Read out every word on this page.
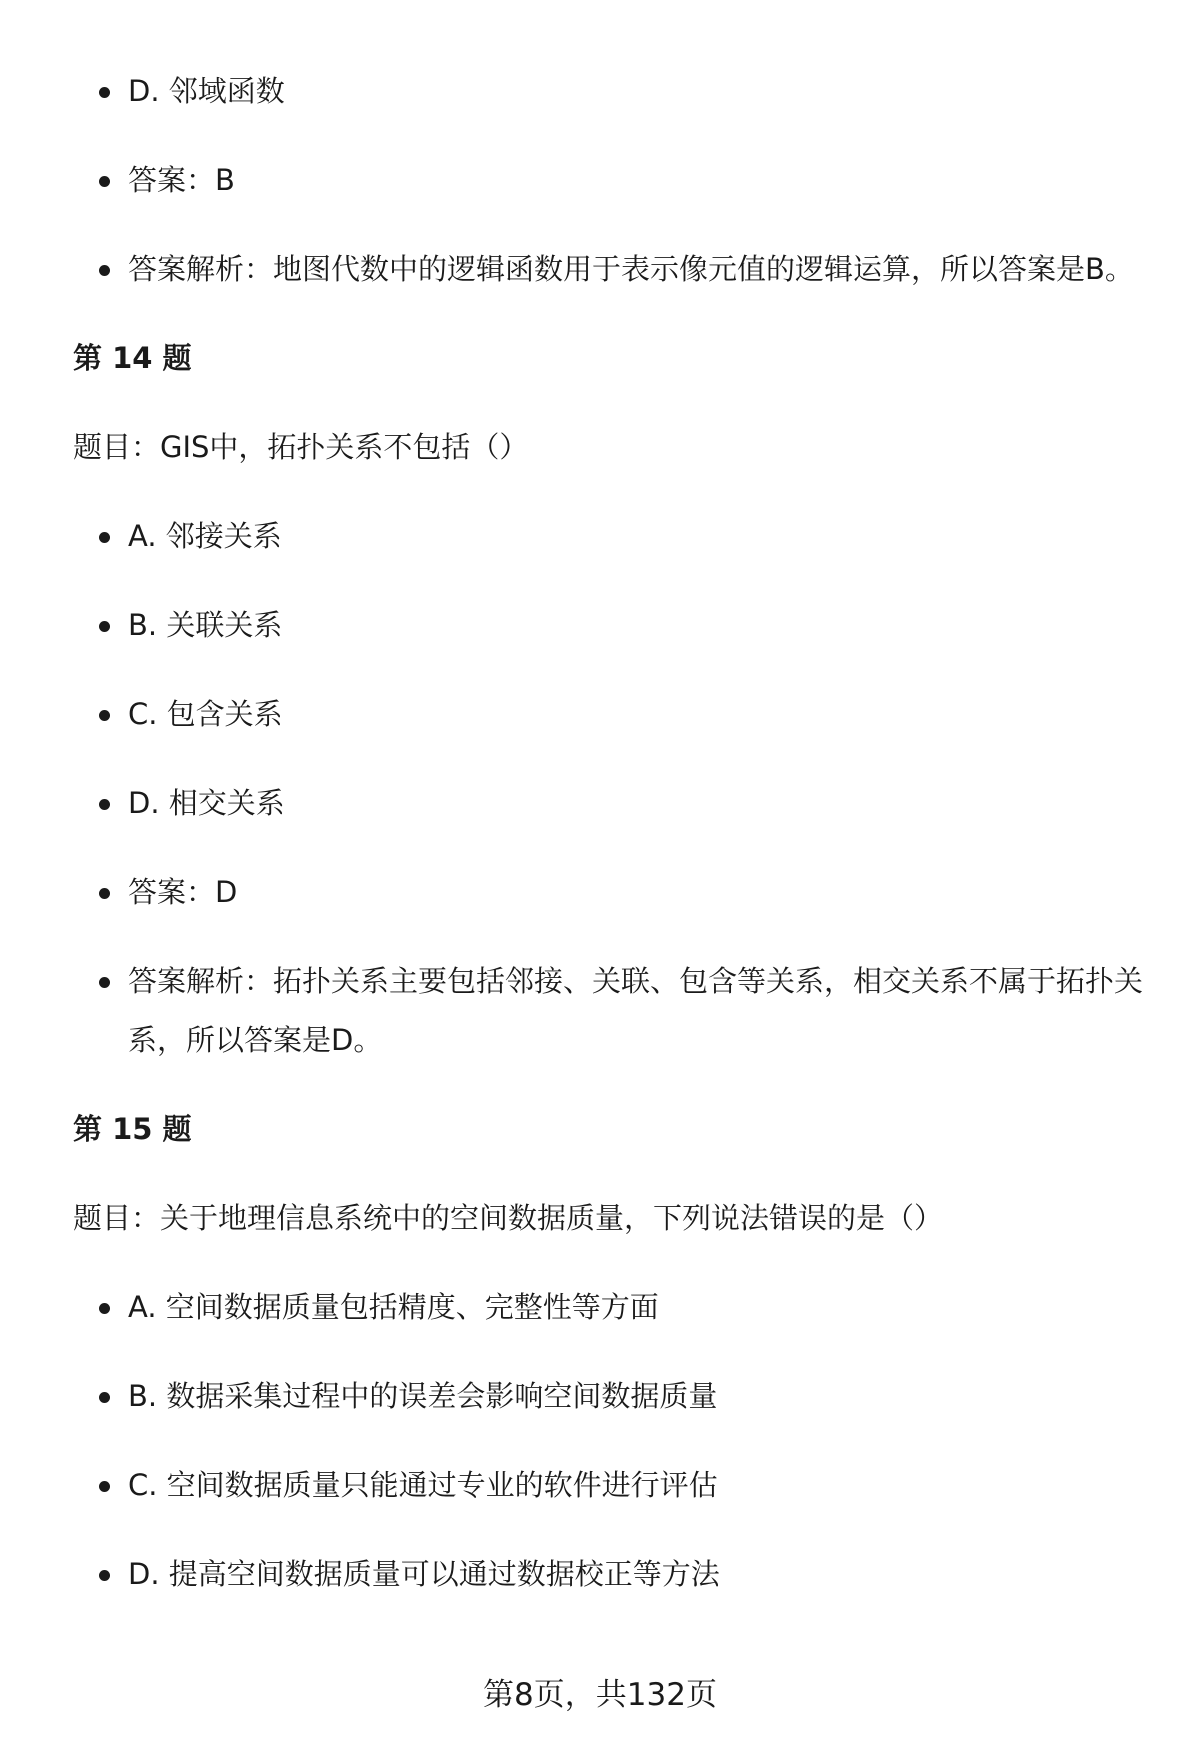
D. 邻域函数
答案：B
答案解析：地图代数中的逻辑函数用于表示像元值的逻辑运算，所以答案是B。
第 14 题
题目：GIS中，拓扑关系不包括（）
A. 邻接关系
B. 关联关系
C. 包含关系
D. 相交关系
答案：D
答案解析：拓扑关系主要包括邻接、关联、包含等关系，相交关系不属于拓扑关系，所以答案是D。
第 15 题
题目：关于地理信息系统中的空间数据质量，下列说法错误的是（）
A. 空间数据质量包括精度、完整性等方面
B. 数据采集过程中的误差会影响空间数据质量
C. 空间数据质量只能通过专业的软件进行评估
D. 提高空间数据质量可以通过数据校正等方法
第8页，共132页
